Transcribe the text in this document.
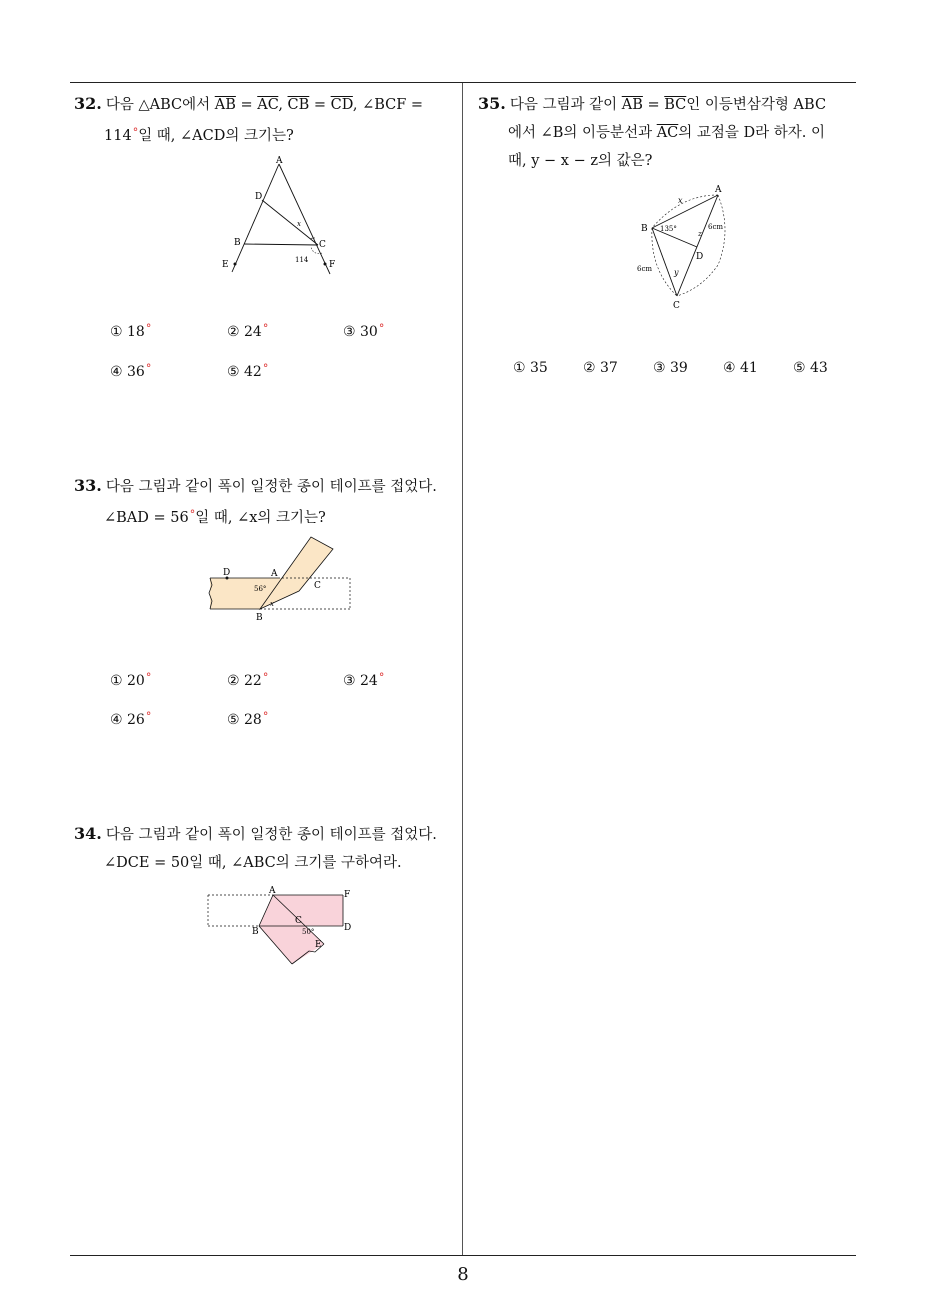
32. 다음 △ABC에서 $\overline{AB} = \overline{AC}$, $\overline{CB} = \overline{CD}$, ∠BCF =
114°일 때, ∠ACD의 크기는?
A
D
B	C
E	F
x
114
① 18°	② 24°	③ 30°
④ 36°	⑤ 42°
33. 다음 그림과 같이 폭이 일정한 종이 테이프를 접었다.
∠BAD = 56°일 때, ∠x의 크기는?
D	A
C
B
56°
x
① 20°	② 22°	③ 24°
④ 26°	⑤ 28°
34. 다음 그림과 같이 폭이 일정한 종이 테이프를 접었다.
∠DCE = 50일 때, ∠ABC의 크기를 구하여라.
A	F
C
D
B
E
50°
35. 다음 그림과 같이 $\overline{AB} = \overline{BC}$인 이등변삼각형 ABC
에서 ∠B의 이등분선과 $\overline{AC}$의 교점을 D라 하자. 이
때, y − x − z의 값은?
A
B
C
D
x
y
135°	6cm
6cm
z
① 35	② 37	③ 39	④ 41	⑤ 43
8
